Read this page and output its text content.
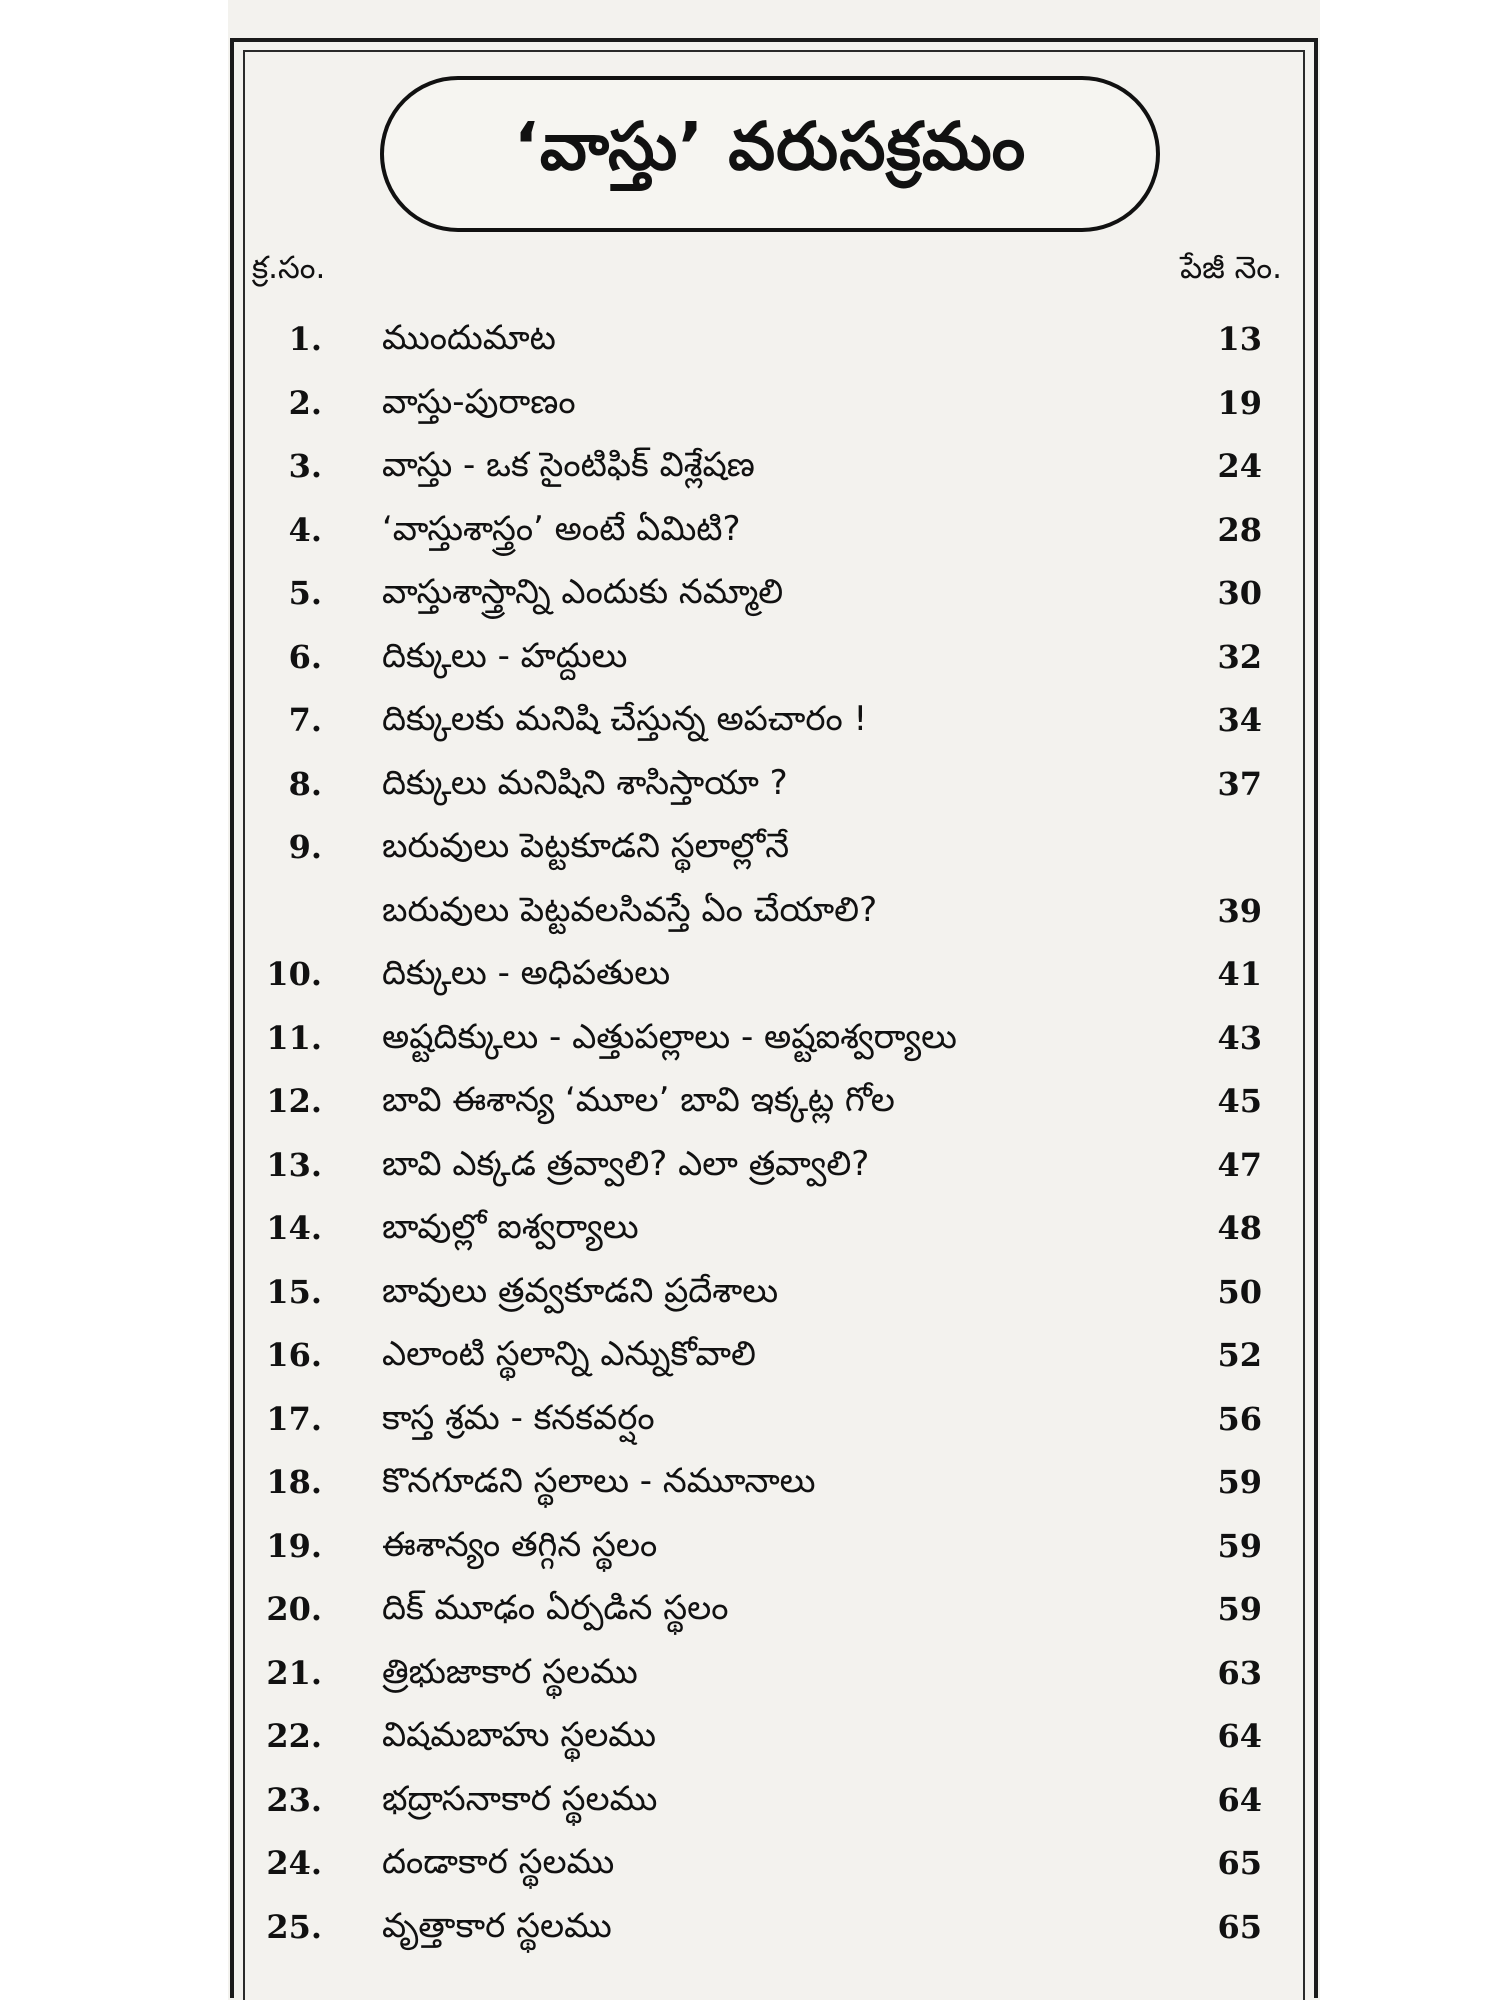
‘వాస్తు’ వరుసక్రమం
క్ర.సం.	పేజీ నెం.
1. ముందుమాట	13
2. వాస్తు-పురాణం	19
3. వాస్తు - ఒక సైంటిఫిక్ విశ్లేషణ	24
4. ‘వాస్తుశాస్త్రం’ అంటే ఏమిటి?	28
5. వాస్తుశాస్త్రాన్ని ఎందుకు నమ్మాలి	30
6. దిక్కులు - హద్దులు	32
7. దిక్కులకు మనిషి చేస్తున్న అపచారం !	34
8. దిక్కులు మనిషిని శాసిస్తాయా ?	37
9. బరువులు పెట్టకూడని స్థలాల్లోనే
బరువులు పెట్టవలసివస్తే ఏం చేయాలి?	39
10. దిక్కులు - అధిపతులు	41
11. అష్టదిక్కులు - ఎత్తుపల్లాలు - అష్టఐశ్వర్యాలు	43
12. బావి ఈశాన్య ‘మూల’ బావి ఇక్కట్ల గోల	45
13. బావి ఎక్కడ త్రవ్వాలి? ఎలా త్రవ్వాలి?	47
14. బావుల్లో ఐశ్వర్యాలు	48
15. బావులు త్రవ్వకూడని ప్రదేశాలు	50
16. ఎలాంటి స్థలాన్ని ఎన్నుకోవాలి	52
17. కాస్త శ్రమ - కనకవర్షం	56
18. కొనగూడని స్థలాలు - నమూనాలు	59
19. ఈశాన్యం తగ్గిన స్థలం	59
20. దిక్ మూఢం ఏర్పడిన స్థలం	59
21. త్రిభుజాకార స్థలము	63
22. విషమబాహు స్థలము	64
23. భద్రాసనాకార స్థలము	64
24. దండాకార స్థలము	65
25. వృత్తాకార స్థలము	65
